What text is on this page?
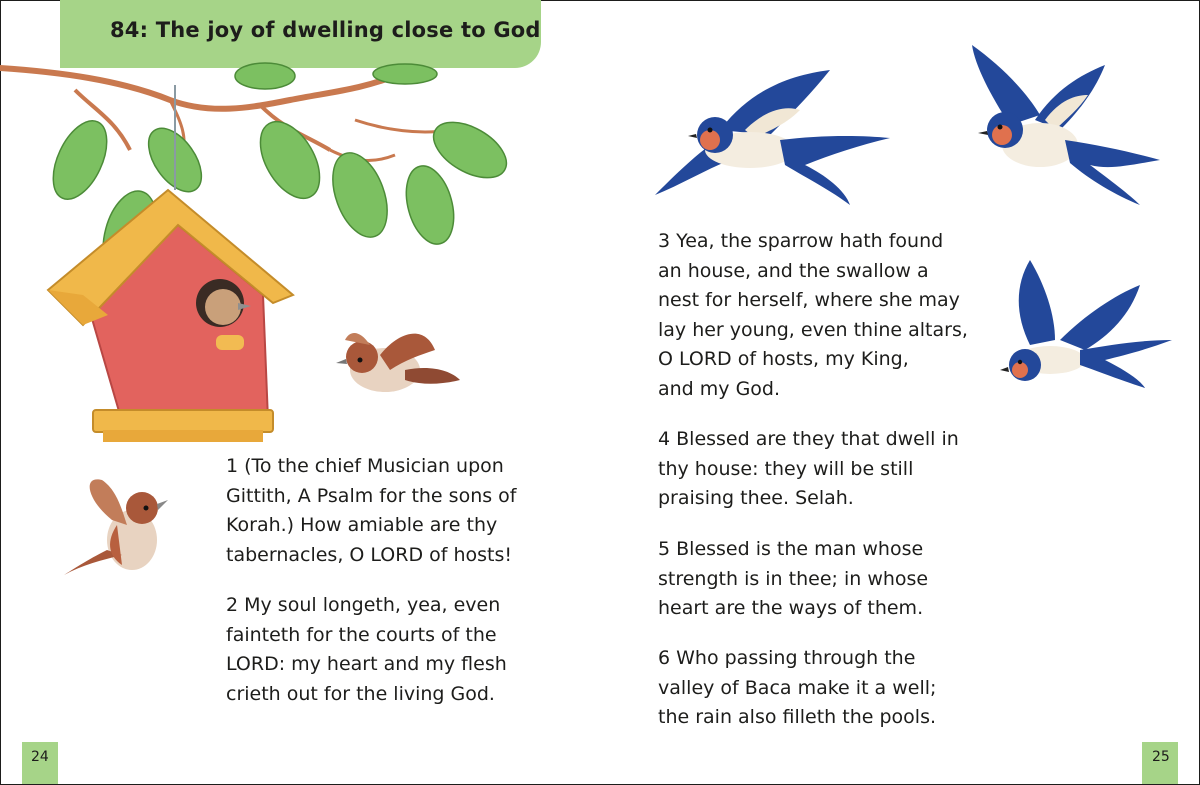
84: The joy of dwelling close to God
1 (To the chief Musician upon
Gittith, A Psalm for the sons of
Korah.) How amiable are thy
tabernacles, O LORD of hosts!
2 My soul longeth, yea, even
fainteth for the courts of the
LORD: my heart and my flesh
crieth out for the living God.
3 Yea, the sparrow hath found
an house, and the swallow a
nest for herself, where she may
lay her young, even thine altars,
O LORD of hosts, my King,
and my God.
4 Blessed are they that dwell in
thy house: they will be still
praising thee. Selah.
5 Blessed is the man whose
strength is in thee; in whose
heart are the ways of them.
6 Who passing through the
valley of Baca make it a well;
the rain also filleth the pools.
24	25
